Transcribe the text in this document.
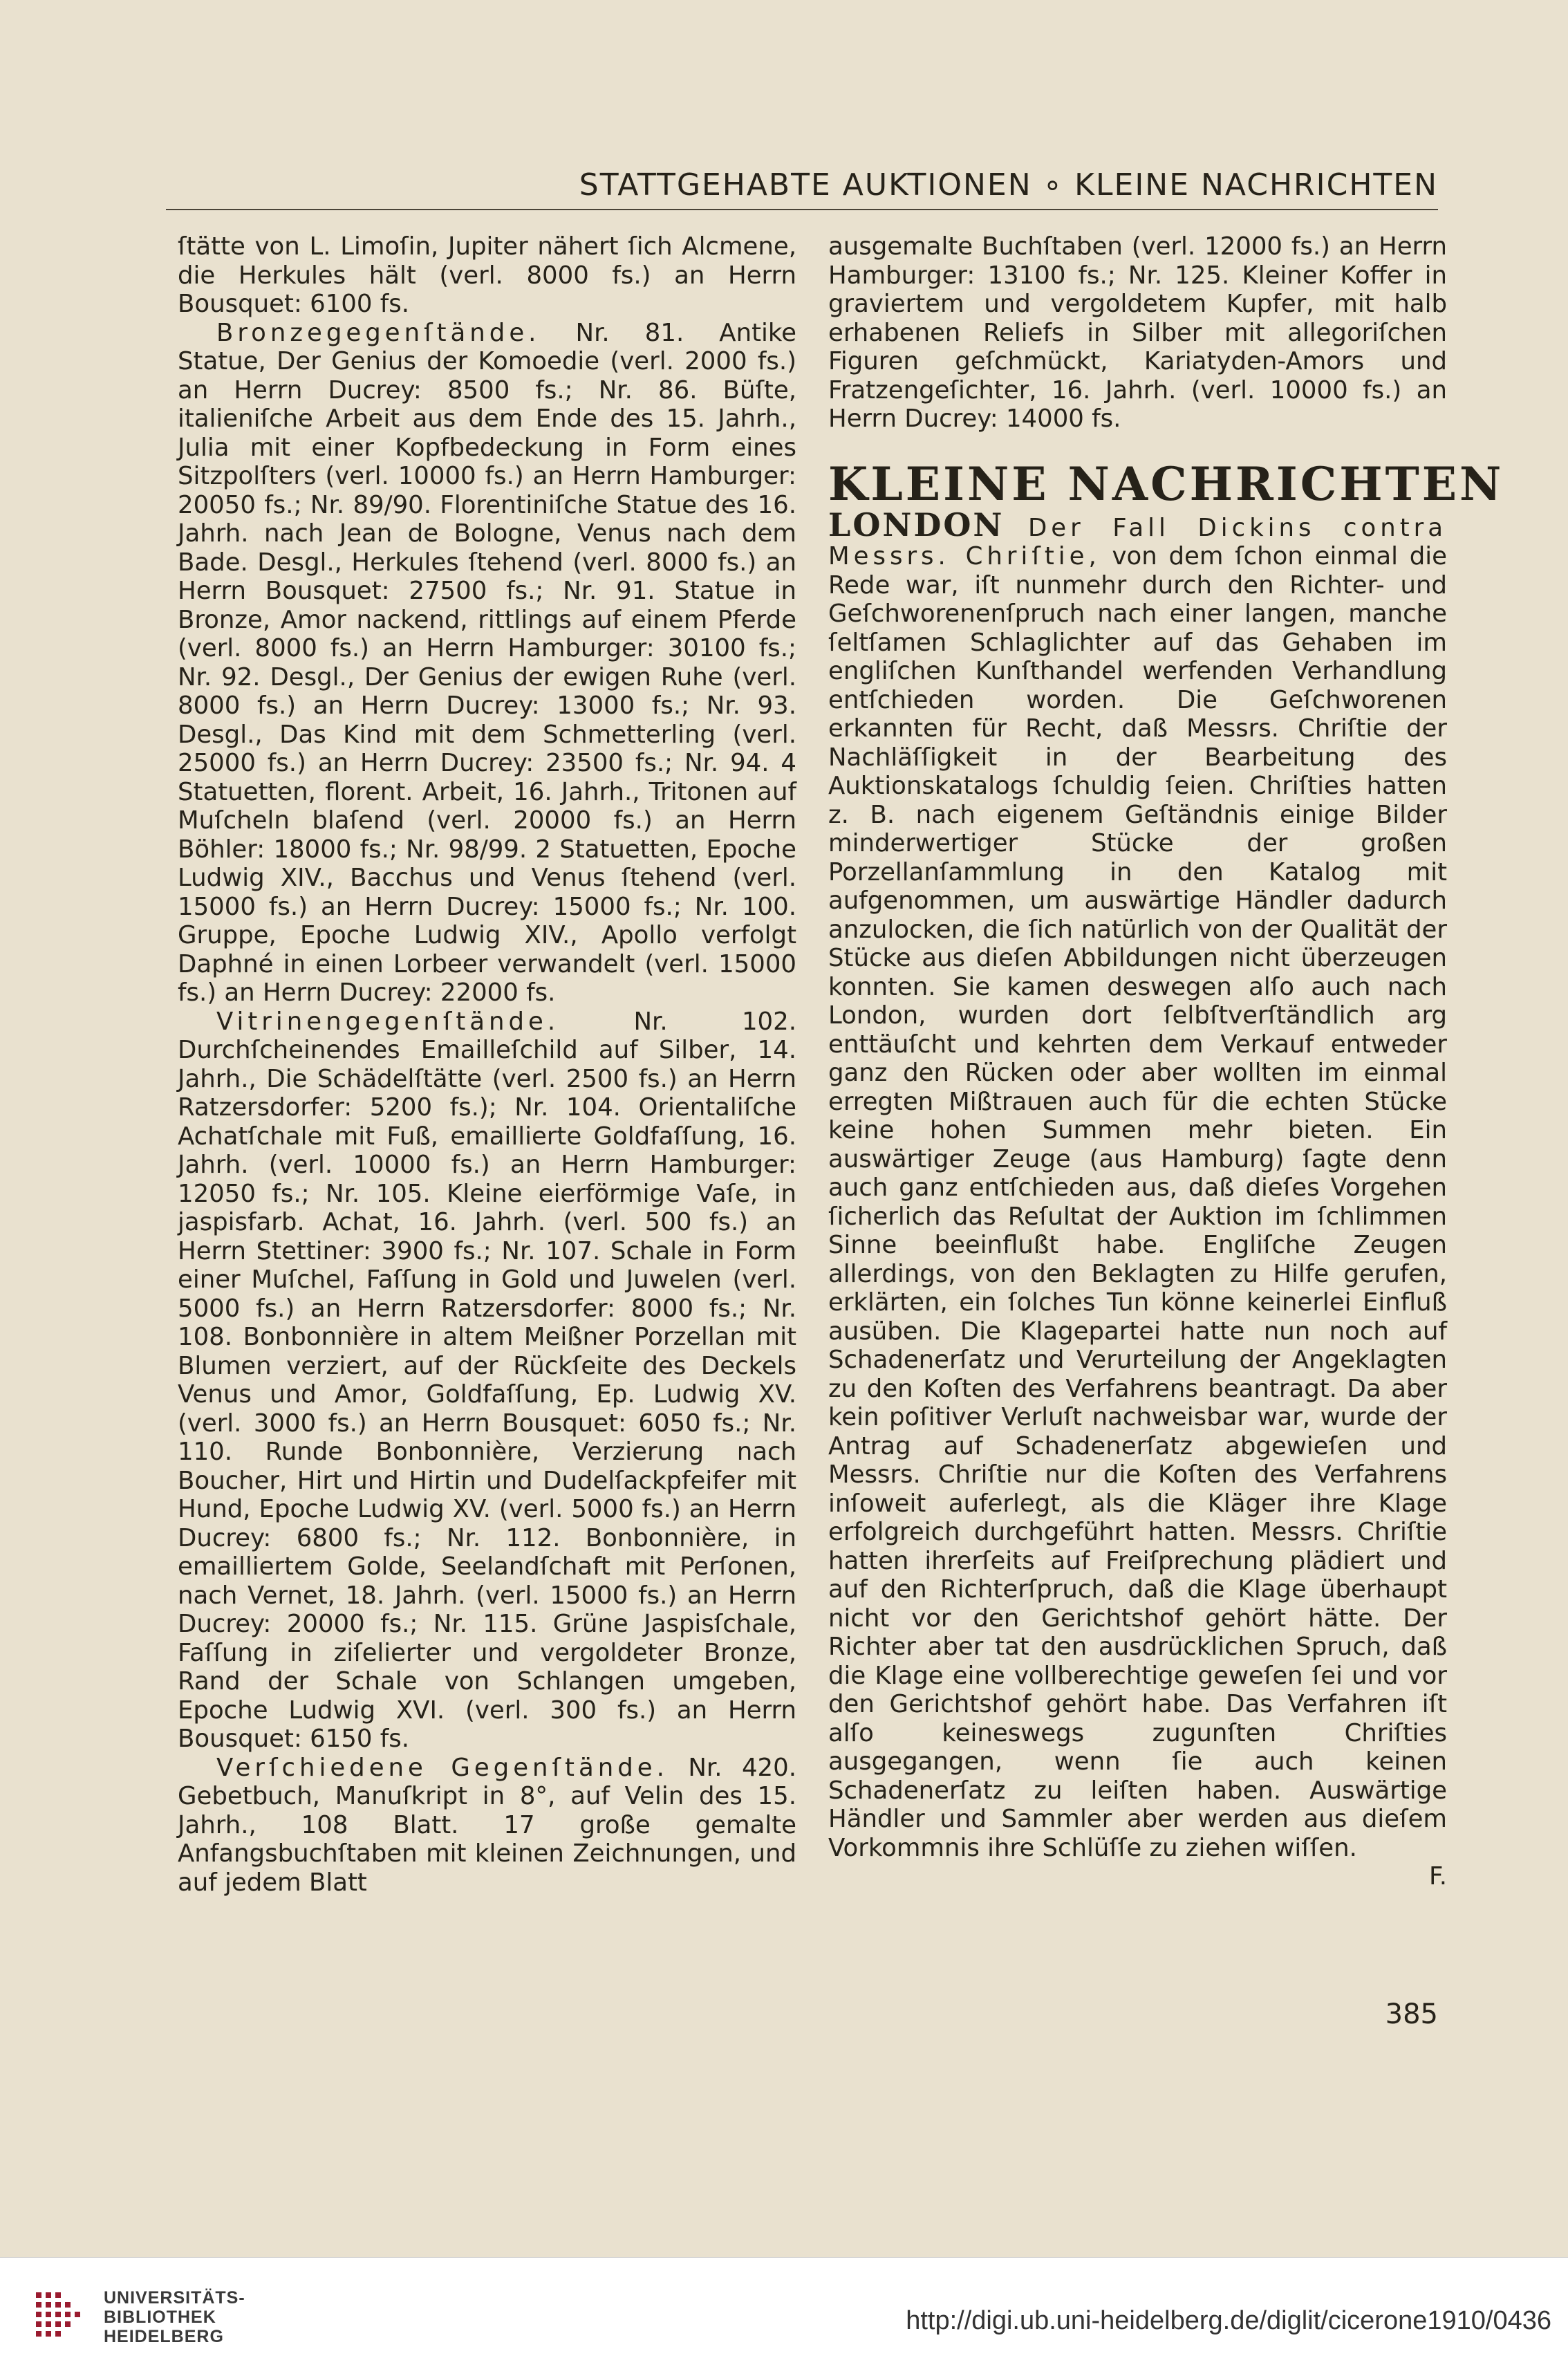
STATTGEHABTE AUKTIONEN ∘ KLEINE NACHRICHTEN

ſtätte von L. Limoſin, Jupiter nähert ſich Alcmene, die Herkules hält (verl. 8000 fs.) an Herrn Bousquet: 6100 fs.

Bronzegegenſtände. Nr. 81. Antike Statue, Der Genius der Komoedie (verl. 2000 fs.) an Herrn Ducrey: 8500 fs.; Nr. 86. Büſte, italieniſche Arbeit aus dem Ende des 15. Jahrh., Julia mit einer Kopfbedeckung in Form eines Sitzpolſters (verl. 10000 fs.) an Herrn Hamburger: 20050 fs.; Nr. 89/90. Florentiniſche Statue des 16. Jahrh. nach Jean de Bologne, Venus nach dem Bade. Desgl., Herkules ſtehend (verl. 8000 fs.) an Herrn Bousquet: 27500 fs.; Nr. 91. Statue in Bronze, Amor nackend, rittlings auf einem Pferde (verl. 8000 fs.) an Herrn Hamburger: 30100 fs.; Nr. 92. Desgl., Der Genius der ewigen Ruhe (verl. 8000 fs.) an Herrn Ducrey: 13000 fs.; Nr. 93. Desgl., Das Kind mit dem Schmetterling (verl. 25000 fs.) an Herrn Ducrey: 23500 fs.; Nr. 94. 4 Statuetten, florent. Arbeit, 16. Jahrh., Tritonen auf Muſcheln blaſend (verl. 20000 fs.) an Herrn Böhler: 18000 fs.; Nr. 98/99. 2 Statuetten, Epoche Ludwig XIV., Bacchus und Venus ſtehend (verl. 15000 fs.) an Herrn Ducrey: 15000 fs.; Nr. 100. Gruppe, Epoche Ludwig XIV., Apollo verfolgt Daphné in einen Lorbeer verwandelt (verl. 15000 fs.) an Herrn Ducrey: 22000 fs.

Vitrinengegenſtände. Nr. 102. Durchſcheinendes Emailleſchild auf Silber, 14. Jahrh., Die Schädelſtätte (verl. 2500 fs.) an Herrn Ratzersdorfer: 5200 fs.); Nr. 104. Orientaliſche Achatſchale mit Fuß, emaillierte Goldfaſſung, 16. Jahrh. (verl. 10000 fs.) an Herrn Hamburger: 12050 fs.; Nr. 105. Kleine eierförmige Vaſe, in jaspisfarb. Achat, 16. Jahrh. (verl. 500 fs.) an Herrn Stettiner: 3900 fs.; Nr. 107. Schale in Form einer Muſchel, Faſſung in Gold und Juwelen (verl. 5000 fs.) an Herrn Ratzersdorfer: 8000 fs.; Nr. 108. Bonbonnière in altem Meißner Porzellan mit Blumen verziert, auf der Rückſeite des Deckels Venus und Amor, Goldfaſſung, Ep. Ludwig XV. (verl. 3000 fs.) an Herrn Bousquet: 6050 fs.; Nr. 110. Runde Bonbonnière, Verzierung nach Boucher, Hirt und Hirtin und Dudelſackpfeifer mit Hund, Epoche Ludwig XV. (verl. 5000 fs.) an Herrn Ducrey: 6800 fs.; Nr. 112. Bonbonnière, in emailliertem Golde, Seelandſchaft mit Perſonen, nach Vernet, 18. Jahrh. (verl. 15000 fs.) an Herrn Ducrey: 20000 fs.; Nr. 115. Grüne Jaspisſchale, Faſſung in ziſelierter und vergoldeter Bronze, Rand der Schale von Schlangen umgeben, Epoche Ludwig XVI. (verl. 300 fs.) an Herrn Bousquet: 6150 fs.

Verſchiedene Gegenſtände. Nr. 420. Gebetbuch, Manuſkript in 8°, auf Velin des 15. Jahrh., 108 Blatt. 17 große gemalte Anfangsbuchſtaben mit kleinen Zeichnungen, und auf jedem Blatt

ausgemalte Buchſtaben (verl. 12000 fs.) an Herrn Hamburger: 13100 fs.; Nr. 125. Kleiner Koffer in graviertem und vergoldetem Kupfer, mit halb erhabenen Reliefs in Silber mit allegoriſchen Figuren geſchmückt, Kariatyden-Amors und Fratzengeſichter, 16. Jahrh. (verl. 10000 fs.) an Herrn Ducrey: 14000 fs.

KLEINE NACHRICHTEN

LONDON Der Fall Dickins contra Messrs. Chriſtie, von dem ſchon einmal die Rede war, iſt nunmehr durch den Richter- und Geſchworenenſpruch nach einer langen, manche ſeltſamen Schlaglichter auf das Gehaben im engliſchen Kunſthandel werfenden Verhandlung entſchieden worden. Die Geſchworenen erkannten für Recht, daß Messrs. Chriſtie der Nachläſſigkeit in der Bearbeitung des Auktionskatalogs ſchuldig ſeien. Chriſties hatten z. B. nach eigenem Geſtändnis einige Bilder minderwertiger Stücke der großen Porzellanſammlung in den Katalog mit aufgenommen, um auswärtige Händler dadurch anzulocken, die ſich natürlich von der Qualität der Stücke aus dieſen Abbildungen nicht überzeugen konnten. Sie kamen deswegen alſo auch nach London, wurden dort ſelbſtverſtändlich arg enttäuſcht und kehrten dem Verkauf entweder ganz den Rücken oder aber wollten im einmal erregten Mißtrauen auch für die echten Stücke keine hohen Summen mehr bieten. Ein auswärtiger Zeuge (aus Hamburg) ſagte denn auch ganz entſchieden aus, daß dieſes Vorgehen ſicherlich das Reſultat der Auktion im ſchlimmen Sinne beeinflußt habe. Engliſche Zeugen allerdings, von den Beklagten zu Hilfe gerufen, erklärten, ein ſolches Tun könne keinerlei Einfluß ausüben. Die Klagepartei hatte nun noch auf Schadenerſatz und Verurteilung der Angeklagten zu den Koſten des Verfahrens beantragt. Da aber kein poſitiver Verluſt nachweisbar war, wurde der Antrag auf Schadenerſatz abgewieſen und Messrs. Chriſtie nur die Koſten des Verfahrens inſoweit auferlegt, als die Kläger ihre Klage erfolgreich durchgeführt hatten. Messrs. Chriſtie hatten ihrerſeits auf Freiſprechung plädiert und auf den Richterſpruch, daß die Klage überhaupt nicht vor den Gerichtshof gehört hätte. Der Richter aber tat den ausdrücklichen Spruch, daß die Klage eine vollberechtige geweſen ſei und vor den Gerichtshof gehört habe. Das Verfahren iſt alſo keineswegs zugunſten Chriſties ausgegangen, wenn ſie auch keinen Schadenerſatz zu leiſten haben. Auswärtige Händler und Sammler aber werden aus dieſem Vorkommnis ihre Schlüſſe zu ziehen wiſſen.

F.

385
UNIVERSITÄTS-
BIBLIOTHEK
HEIDELBERG
http://digi.ub.uni-heidelberg.de/diglit/cicerone1910/0436
